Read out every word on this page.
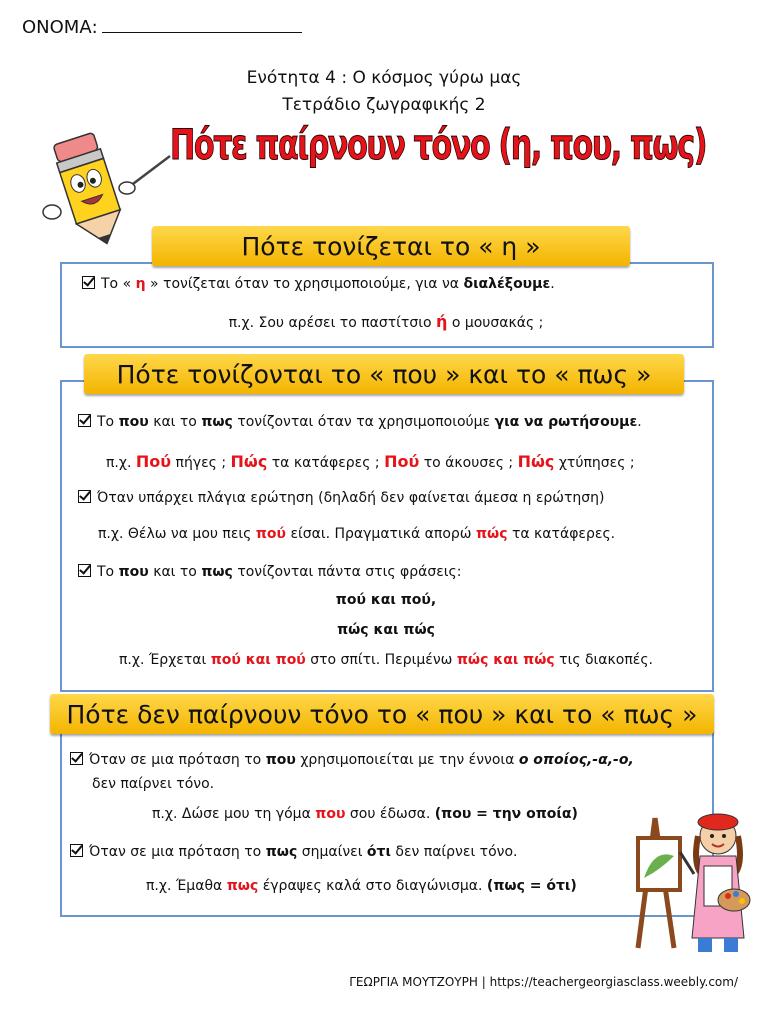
ΟΝΟΜΑ:
Ενότητα 4 : Ο κόσμος γύρω μας
Τετράδιο ζωγραφικής 2
Πότε παίρνουν τόνο (η, που, πως)
Πότε τονίζεται το « η »
Το « η » τονίζεται όταν το χρησιμοποιούμε, για να διαλέξουμε.
π.χ. Σου αρέσει το παστίτσιο ή ο μουσακάς ;
Πότε τονίζονται το « που » και το « πως »
Το που και το πως τονίζονται όταν τα χρησιμοποιούμε για να ρωτήσουμε.
π.χ. Πού πήγες ; Πώς τα κατάφερες ; Πού το άκουσες ; Πώς χτύπησες ;
Όταν υπάρχει πλάγια ερώτηση (δηλαδή δεν φαίνεται άμεσα η ερώτηση)
π.χ. Θέλω να μου πεις πού είσαι. Πραγματικά απορώ πώς τα κατάφερες.
Το που και το πως τονίζονται πάντα στις φράσεις:
πού και πού,
πώς και πώς
π.χ. Έρχεται πού και πού στο σπίτι. Περιμένω πώς και πώς τις διακοπές.
Πότε δεν παίρνουν τόνο το « που » και το « πως »
Όταν σε μια πρόταση το που χρησιμοποιείται με την έννοια ο οποίος,-α,-ο,
δεν παίρνει τόνο.
π.χ. Δώσε μου τη γόμα που σου έδωσα. (που = την οποία)
Όταν σε μια πρόταση το πως σημαίνει ότι δεν παίρνει τόνο.
π.χ. Έμαθα πως έγραψες καλά στο διαγώνισμα. (πως = ότι)
ΓΕΩΡΓΙΑ ΜΟΥΤΖΟΥΡΗ | https://teachergeorgiasclass.weebly.com/
